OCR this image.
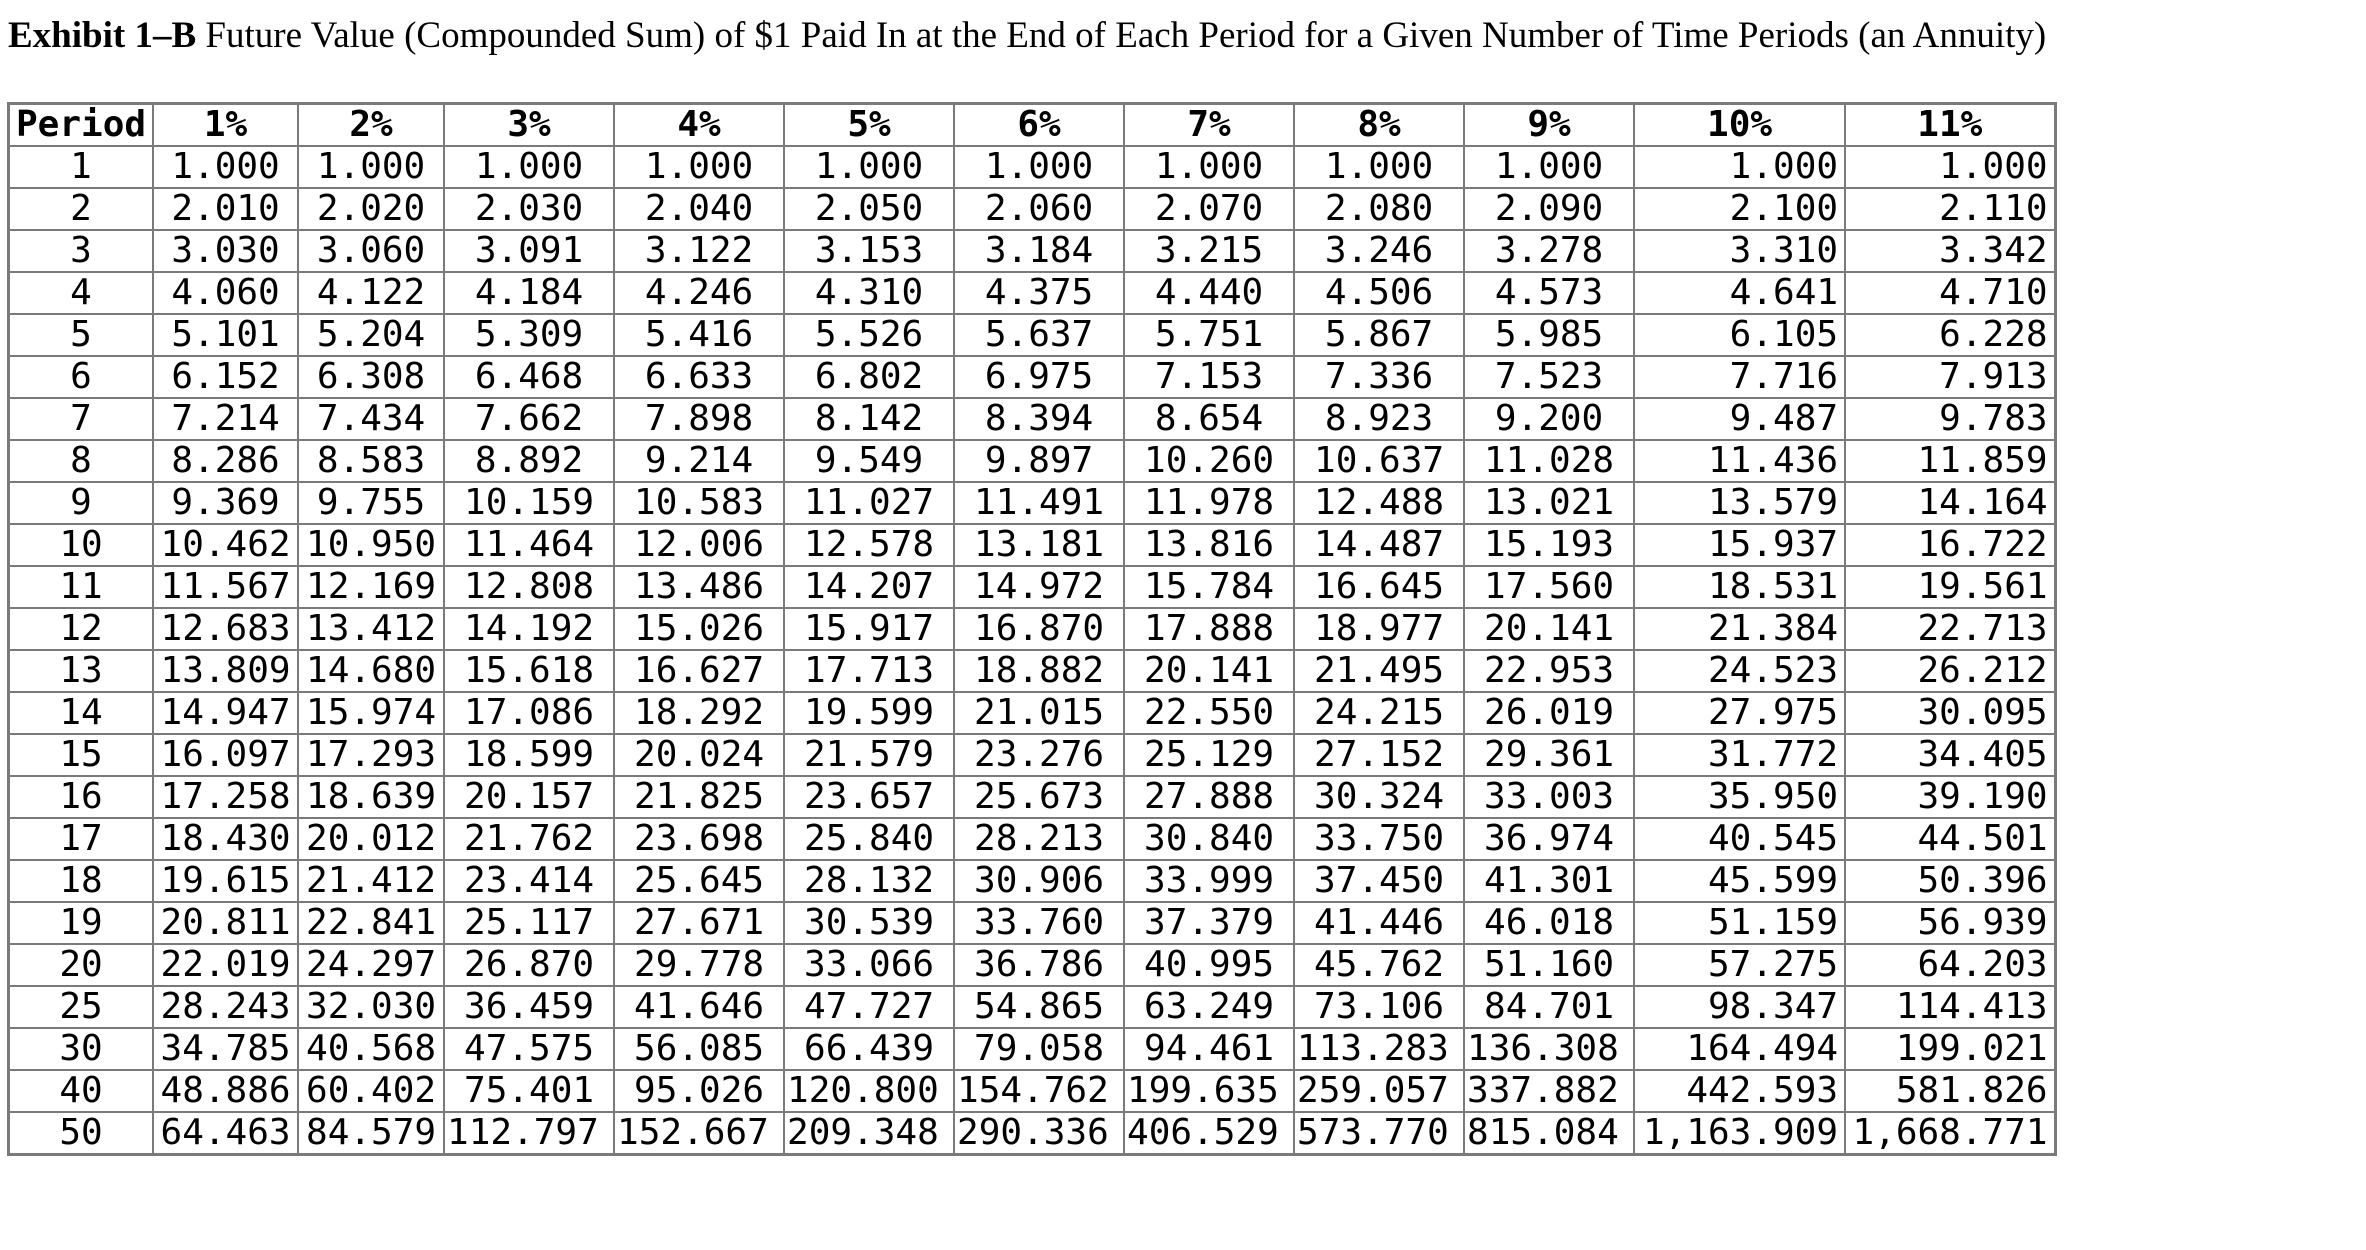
Exhibit 1–B Future Value (Compounded Sum) of $1 Paid In at the End of Each Period for a Given Number of Time Periods (an Annuity)
Period	1%	2%	3%	4%	5%	6%	7%	8%	9%	10%	11%
1	1.000	1.000	1.000	1.000	1.000	1.000	1.000	1.000	1.000	1.000	1.000
2	2.010	2.020	2.030	2.040	2.050	2.060	2.070	2.080	2.090	2.100	2.110
3	3.030	3.060	3.091	3.122	3.153	3.184	3.215	3.246	3.278	3.310	3.342
4	4.060	4.122	4.184	4.246	4.310	4.375	4.440	4.506	4.573	4.641	4.710
5	5.101	5.204	5.309	5.416	5.526	5.637	5.751	5.867	5.985	6.105	6.228
6	6.152	6.308	6.468	6.633	6.802	6.975	7.153	7.336	7.523	7.716	7.913
7	7.214	7.434	7.662	7.898	8.142	8.394	8.654	8.923	9.200	9.487	9.783
8	8.286	8.583	8.892	9.214	9.549	9.897	10.260	10.637	11.028	11.436	11.859
9	9.369	9.755	10.159	10.583	11.027	11.491	11.978	12.488	13.021	13.579	14.164
10	10.462	10.950	11.464	12.006	12.578	13.181	13.816	14.487	15.193	15.937	16.722
11	11.567	12.169	12.808	13.486	14.207	14.972	15.784	16.645	17.560	18.531	19.561
12	12.683	13.412	14.192	15.026	15.917	16.870	17.888	18.977	20.141	21.384	22.713
13	13.809	14.680	15.618	16.627	17.713	18.882	20.141	21.495	22.953	24.523	26.212
14	14.947	15.974	17.086	18.292	19.599	21.015	22.550	24.215	26.019	27.975	30.095
15	16.097	17.293	18.599	20.024	21.579	23.276	25.129	27.152	29.361	31.772	34.405
16	17.258	18.639	20.157	21.825	23.657	25.673	27.888	30.324	33.003	35.950	39.190
17	18.430	20.012	21.762	23.698	25.840	28.213	30.840	33.750	36.974	40.545	44.501
18	19.615	21.412	23.414	25.645	28.132	30.906	33.999	37.450	41.301	45.599	50.396
19	20.811	22.841	25.117	27.671	30.539	33.760	37.379	41.446	46.018	51.159	56.939
20	22.019	24.297	26.870	29.778	33.066	36.786	40.995	45.762	51.160	57.275	64.203
25	28.243	32.030	36.459	41.646	47.727	54.865	63.249	73.106	84.701	98.347	114.413
30	34.785	40.568	47.575	56.085	66.439	79.058	94.461	113.283	136.308	164.494	199.021
40	48.886	60.402	75.401	95.026	120.800	154.762	199.635	259.057	337.882	442.593	581.826
50	64.463	84.579	112.797	152.667	209.348	290.336	406.529	573.770	815.084	1,163.909	1,668.771
